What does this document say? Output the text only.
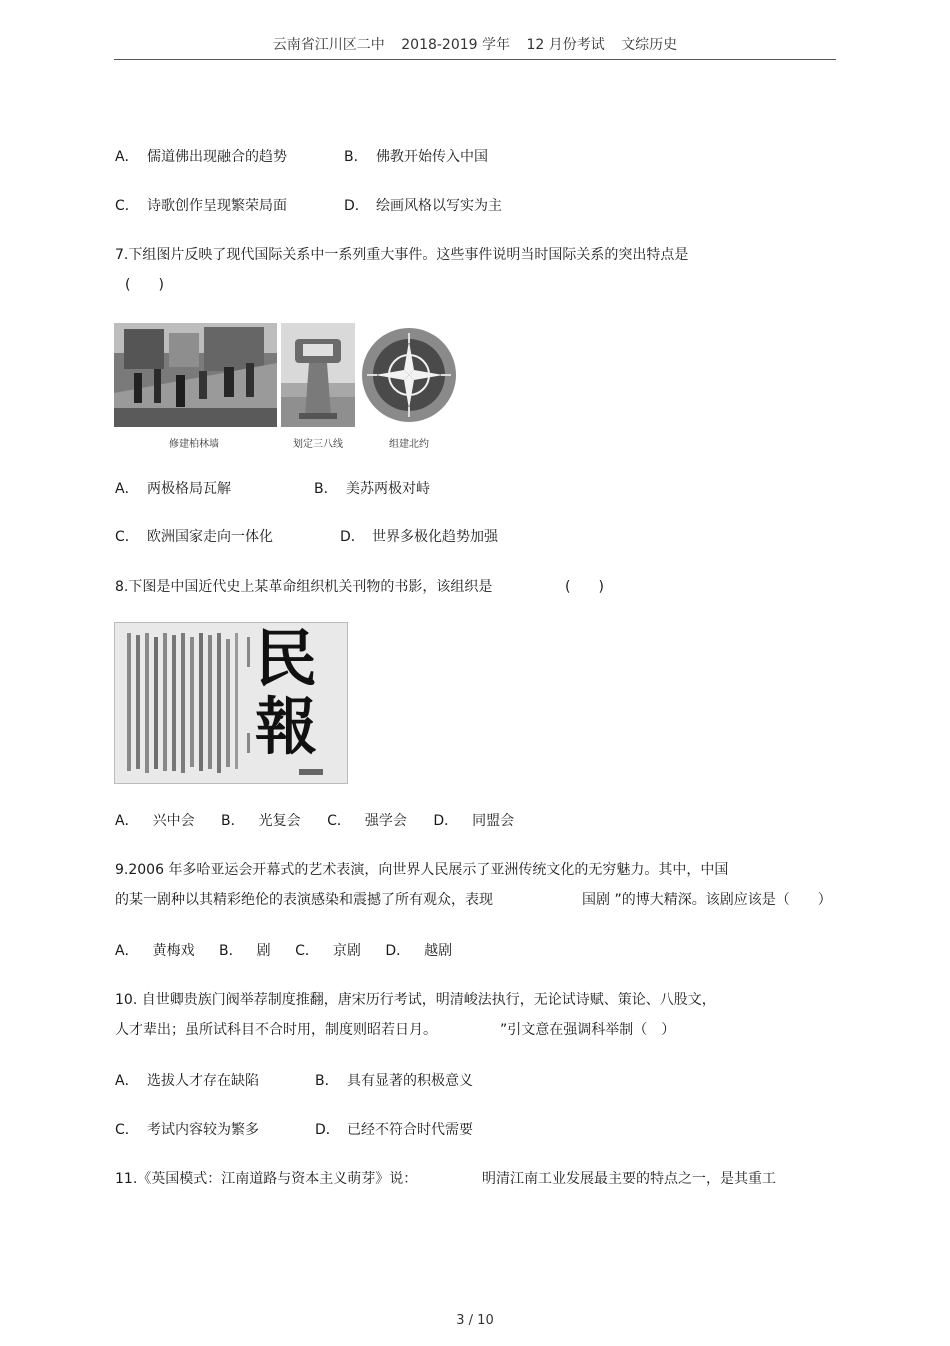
云南省江川区二中 2018-2019 学年 12 月份考试 文综历史
A． 儒道佛出现融合的趋势	B． 佛教开始传入中国
C． 诗歌创作呈现繁荣局面	D． 绘画风格以写实为主
7.下组图片反映了现代国际关系中一系列重大事件。这些事件说明当时国际关系的突出特点是
(　　)
修建柏林墙	划定三八线	组建北约
A． 两极格局瓦解	B． 美苏两极对峙
C． 欧洲国家走向一体化	D． 世界多极化趋势加强
8.下图是中国近代史上某革命组织机关刊物的书影，该组织是	(　　)
民
報
A． 兴中会 B． 光复会 C． 强学会 D． 同盟会
9.2006 年多哈亚运会开幕式的艺术表演，向世界人民展示了亚洲传统文化的无穷魅力。其中，中国
的某一剧种以其精彩绝伦的表演感染和震撼了所有观众，表现	国剧 ”的博大精深。该剧应该是（　　）
A． 黄梅戏 B． 剧 C． 京剧 D． 越剧
10. 自世卿贵族门阀举荐制度推翻，唐宋历行考试，明清峻法执行，无论试诗赋、策论、八股文，
人才辈出；虽所试科目不合时用，制度则昭若日月。	”引文意在强调科举制（　）
A． 选拔人才存在缺陷	B． 具有显著的积极意义
C． 考试内容较为繁多	D． 已经不符合时代需要
11.《英国模式：江南道路与资本主义萌芽》说：	明清江南工业发展最主要的特点之一，是其重工
3 / 10
